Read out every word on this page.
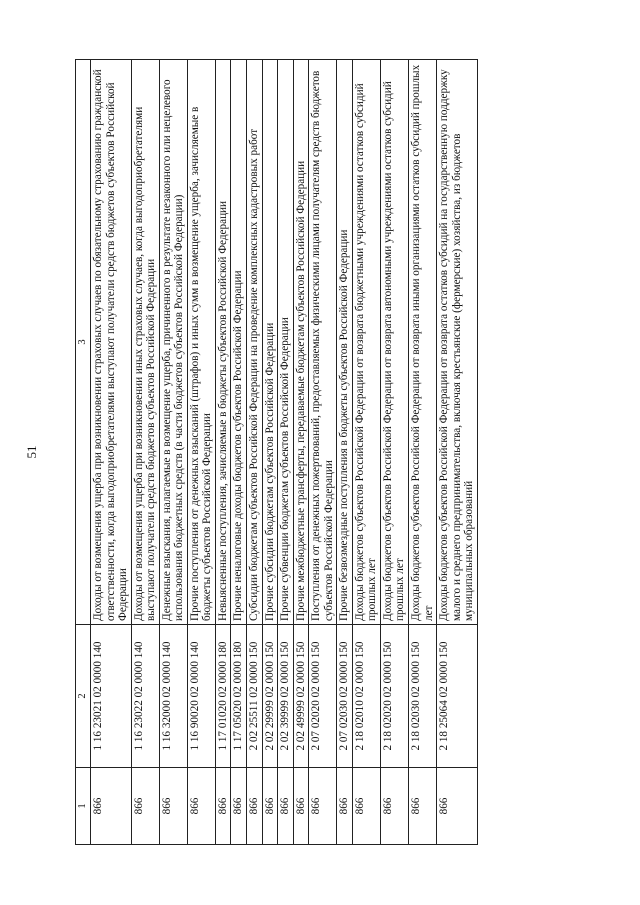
51
1	2	3
866	1 16 23021 02 0000 140	Доходы от возмещения ущерба при возникновении страховых случаев по обязательному страхованию гражданской ответственности, когда выгодоприобретателями выступают получатели средств бюджетов субъектов Российской Федерации
866	1 16 23022 02 0000 140	Доходы от возмещения ущерба при возникновении иных страховых случаев, когда выгодоприобретателями выступают получатели средств бюджетов субъектов Российской Федерации
866	1 16 32000 02 0000 140	Денежные взыскания, налагаемые в возмещение ущерба, причиненного в результате незаконного или нецелевого использования бюджетных средств (в части бюджетов субъектов Российской Федерации)
866	1 16 90020 02 0000 140	Прочие поступления от денежных взысканий (штрафов) и иных сумм в возмещение ущерба, зачисляемые в бюджеты субъектов Российской Федерации
866	1 17 01020 02 0000 180	Невыясненные поступления, зачисляемые в бюджеты субъектов Российской Федерации
866	1 17 05020 02 0000 180	Прочие неналоговые доходы бюджетов субъектов Российской Федерации
866	2 02 25511 02 0000 150	Субсидии бюджетам субъектов Российской Федерации на проведение комплексных кадастровых работ
866	2 02 29999 02 0000 150	Прочие субсидии бюджетам субъектов Российской Федерации
866	2 02 39999 02 0000 150	Прочие субвенции бюджетам субъектов Российской Федерации
866	2 02 49999 02 0000 150	Прочие межбюджетные трансферты, передаваемые бюджетам субъектов Российской Федерации
866	2 07 02020 02 0000 150	Поступления от денежных пожертвований, предоставляемых физическими лицами получателям средств бюджетов субъектов Российской Федерации
866	2 07 02030 02 0000 150	Прочие безвозмездные поступления в бюджеты субъектов Российской Федерации
866	2 18 02010 02 0000 150	Доходы бюджетов субъектов Российской Федерации от возврата бюджетными учреждениями остатков субсидий прошлых лет
866	2 18 02020 02 0000 150	Доходы бюджетов субъектов Российской Федерации от возврата автономными учреждениями остатков субсидий прошлых лет
866	2 18 02030 02 0000 150	Доходы бюджетов субъектов Российской Федерации от возврата иными организациями остатков субсидий прошлых лет
866	2 18 25064 02 0000 150	Доходы бюджетов субъектов Российской Федерации от возврата остатков субсидий на государственную поддержку малого и среднего предпринимательства, включая крестьянские (фермерские) хозяйства, из бюджетов муниципальных образований
